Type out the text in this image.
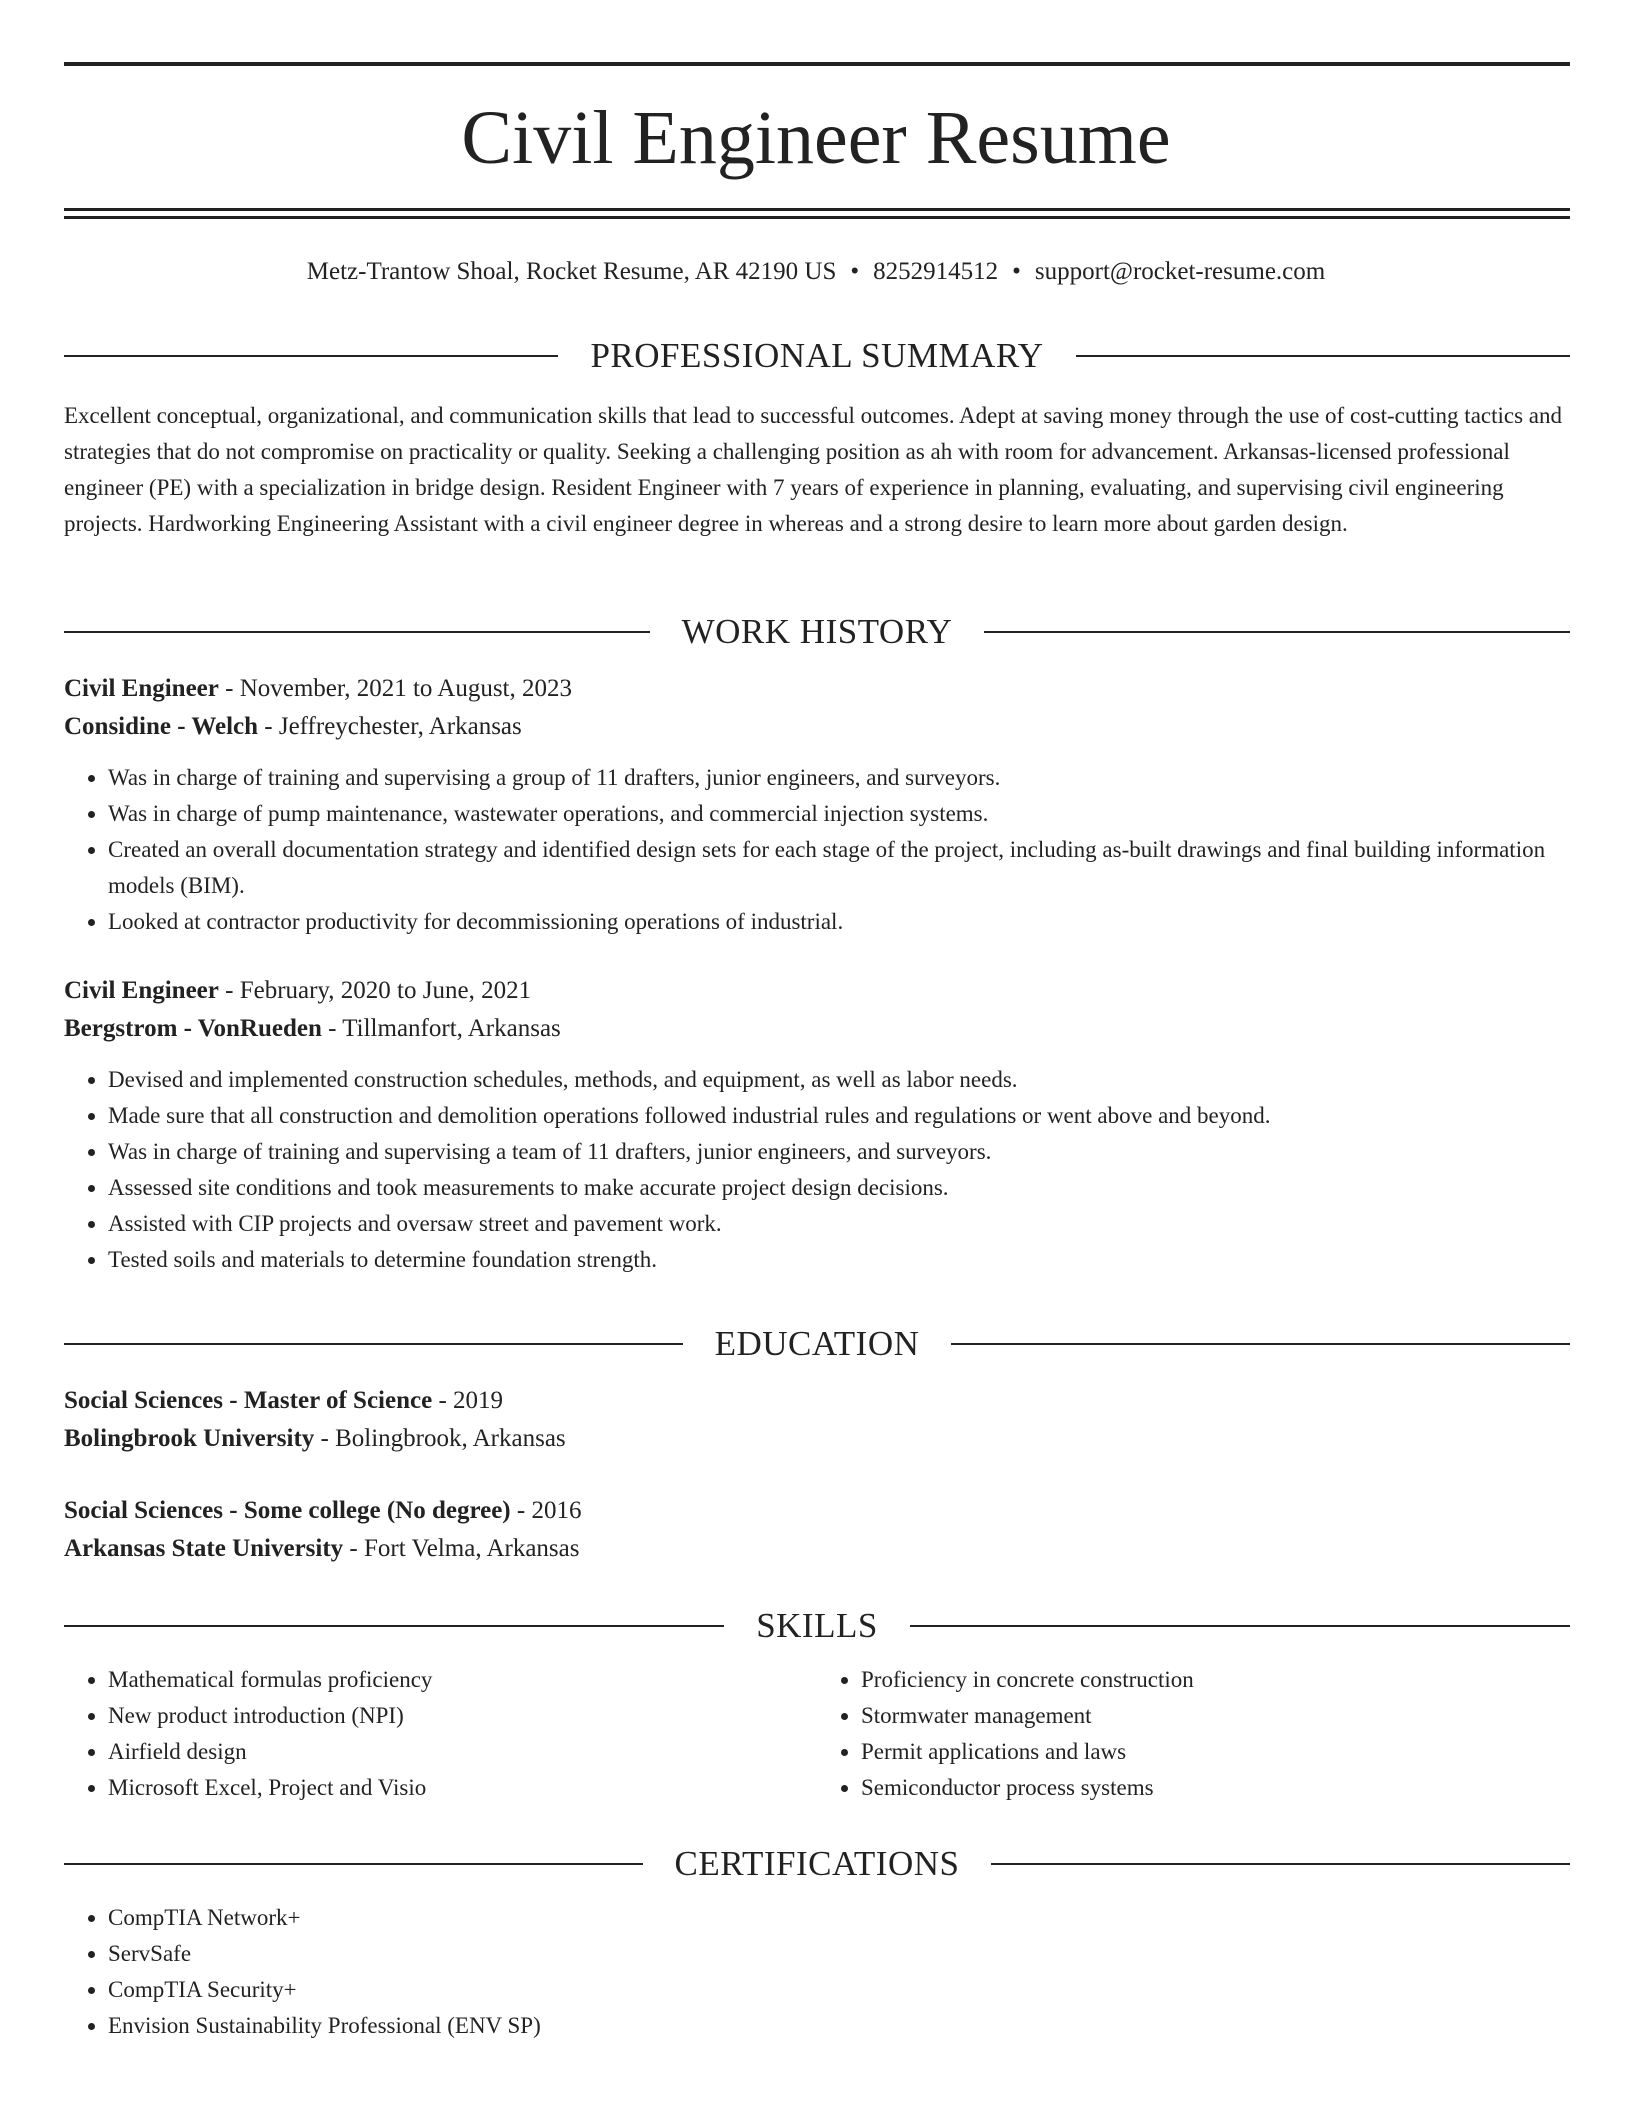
Civil Engineer Resume
Metz-Trantow Shoal, Rocket Resume, AR 42190 US • 8252914512 • support@rocket-resume.com
PROFESSIONAL SUMMARY

Excellent conceptual, organizational, and communication skills that lead to successful outcomes. Adept at saving money through the use of cost-cutting tactics and strategies that do not compromise on practicality or quality. Seeking a challenging position as ah with room for advancement. Arkansas-licensed professional engineer (PE) with a specialization in bridge design. Resident Engineer with 7 years of experience in planning, evaluating, and supervising civil engineering projects. Hardworking Engineering Assistant with a civil engineer degree in whereas and a strong desire to learn more about garden design.

WORK HISTORY
Civil Engineer - November, 2021 to August, 2023
Considine - Welch - Jeffreychester, Arkansas
• Was in charge of training and supervising a group of 11 drafters, junior engineers, and surveyors.
• Was in charge of pump maintenance, wastewater operations, and commercial injection systems.
• Created an overall documentation strategy and identified design sets for each stage of the project, including as-built drawings and final building information models (BIM).
• Looked at contractor productivity for decommissioning operations of industrial.
Civil Engineer - February, 2020 to June, 2021
Bergstrom - VonRueden - Tillmanfort, Arkansas
• Devised and implemented construction schedules, methods, and equipment, as well as labor needs.
• Made sure that all construction and demolition operations followed industrial rules and regulations or went above and beyond.
• Was in charge of training and supervising a team of 11 drafters, junior engineers, and surveyors.
• Assessed site conditions and took measurements to make accurate project design decisions.
• Assisted with CIP projects and oversaw street and pavement work.
• Tested soils and materials to determine foundation strength.
EDUCATION
Social Sciences - Master of Science - 2019
Bolingbrook University - Bolingbrook, Arkansas
Social Sciences - Some college (No degree) - 2016
Arkansas State University - Fort Velma, Arkansas
SKILLS
• Mathematical formulas proficiency
• New product introduction (NPI)
• Airfield design
• Microsoft Excel, Project and Visio
• Proficiency in concrete construction
• Stormwater management
• Permit applications and laws
• Semiconductor process systems
CERTIFICATIONS
• CompTIA Network+
• ServSafe
• CompTIA Security+
• Envision Sustainability Professional (ENV SP)
